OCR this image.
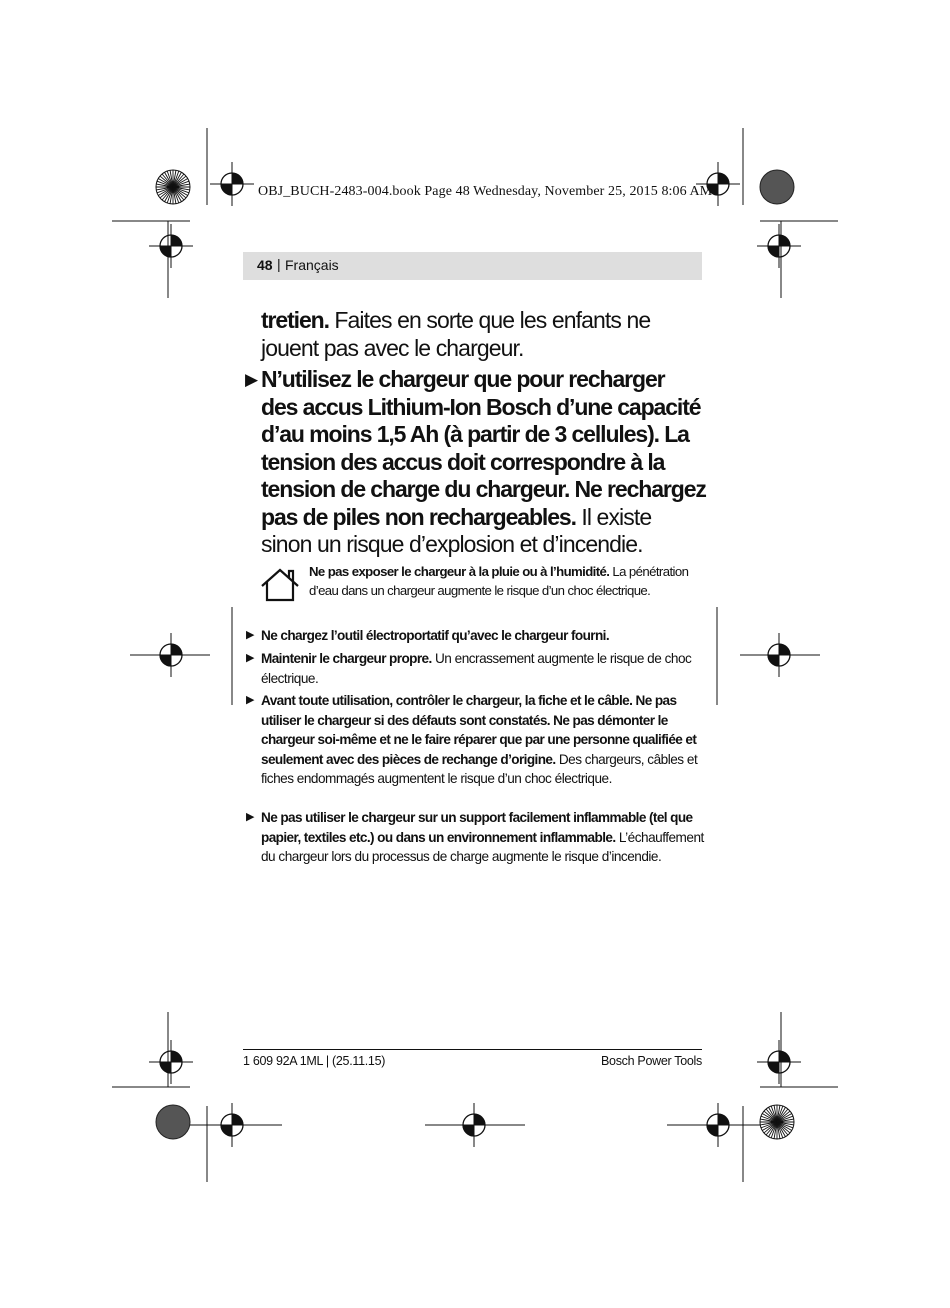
OBJ_BUCH-2483-004.book Page 48 Wednesday, November 25, 2015 8:06 AM
48 | Français
tretien. Faites en sorte que les enfants ne jouent pas avec le chargeur.
▶ N’utilisez le chargeur que pour recharger des accus Lithium-Ion Bosch d’une capacité d’au moins 1,5 Ah (à partir de 3 cellules). La tension des accus doit correspondre à la tension de charge du chargeur. Ne rechargez pas de piles non rechargeables. Il existe sinon un risque d’explosion et d’incendie.
Ne pas exposer le chargeur à la pluie ou à l’humidité. La pénétration d’eau dans un chargeur augmente le risque d’un choc électrique.
▶ Ne chargez l’outil électroportatif qu’avec le chargeur fourni.
▶ Maintenir le chargeur propre. Un encrassement augmente le risque de choc électrique.
▶ Avant toute utilisation, contrôler le chargeur, la fiche et le câble. Ne pas utiliser le chargeur si des défauts sont constatés. Ne pas démonter le chargeur soi-même et ne le faire réparer que par une personne qualifiée et seulement avec des pièces de rechange d’origine. Des chargeurs, câbles et fiches endommagés augmentent le risque d’un choc électrique.
▶ Ne pas utiliser le chargeur sur un support facilement inflammable (tel que papier, textiles etc.) ou dans un environnement inflammable. L’échauffement du chargeur lors du processus de charge augmente le risque d’incendie.
1 609 92A 1ML | (25.11.15)	Bosch Power Tools
